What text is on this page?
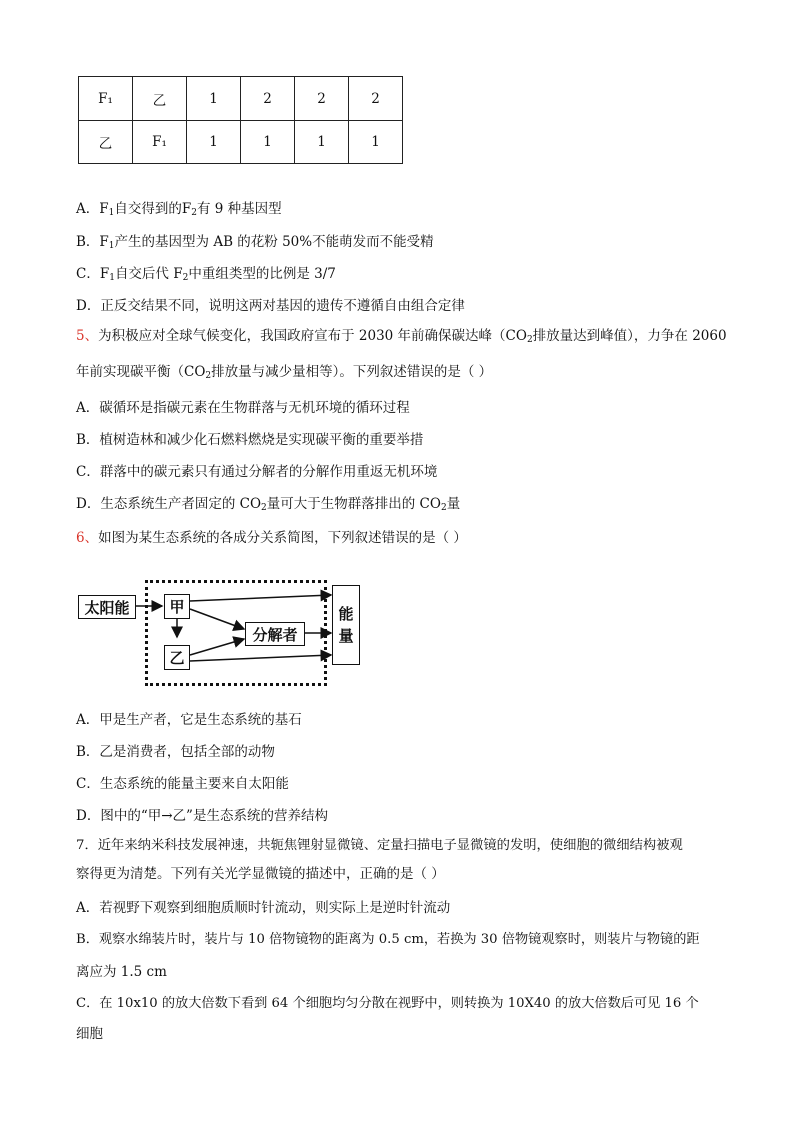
F₁	乙	1	2	2	2
乙	F₁	1	1	1	1
A．$F_1$自交得到的$F_2$有 9 种基因型
B．$F_1$产生的基因型为 AB 的花粉 50%不能萌发而不能受精
C．$F_1$自交后代 $F_2$中重组类型的比例是 3/7
D．正反交结果不同，说明这两对基因的遗传不遵循自由组合定律
5、为积极应对全球气候变化，我国政府宣布于 2030 年前确保碳达峰（$CO_2$排放量达到峰值），力争在 2060
年前实现碳平衡（$CO_2$排放量与减少量相等）。下列叙述错误的是（ ）
A．碳循环是指碳元素在生物群落与无机环境的循环过程
B．植树造林和减少化石燃料燃烧是实现碳平衡的重要举措
C．群落中的碳元素只有通过分解者的分解作用重返无机环境
D．生态系统生产者固定的 $CO_2$量可大于生物群落排出的 $CO_2$量
6、如图为某生态系统的各成分关系简图，下列叙述错误的是（ ）
太阳能	甲
乙
分解者
能
量
A．甲是生产者，它是生态系统的基石
B．乙是消费者，包括全部的动物
C．生态系统的能量主要来自太阳能
D．图中的“甲→乙”是生态系统的营养结构
7．近年来纳米科技发展神速，共轭焦锂射显微镜、定量扫描电子显微镜的发明，使细胞的微细结构被观
察得更为清楚。下列有关光学显微镜的描述中，正确的是（ ）
A．若视野下观察到细胞质顺时针流动，则实际上是逆时针流动
B．观察水绵装片时，装片与 10 倍物镜物的距离为 0.5 cm，若换为 30 倍物镜观察时，则装片与物镜的距
离应为 1.5 cm
C．在 10x10 的放大倍数下看到 64 个细胞均匀分散在视野中，则转换为 10X40 的放大倍数后可见 16 个
细胞
